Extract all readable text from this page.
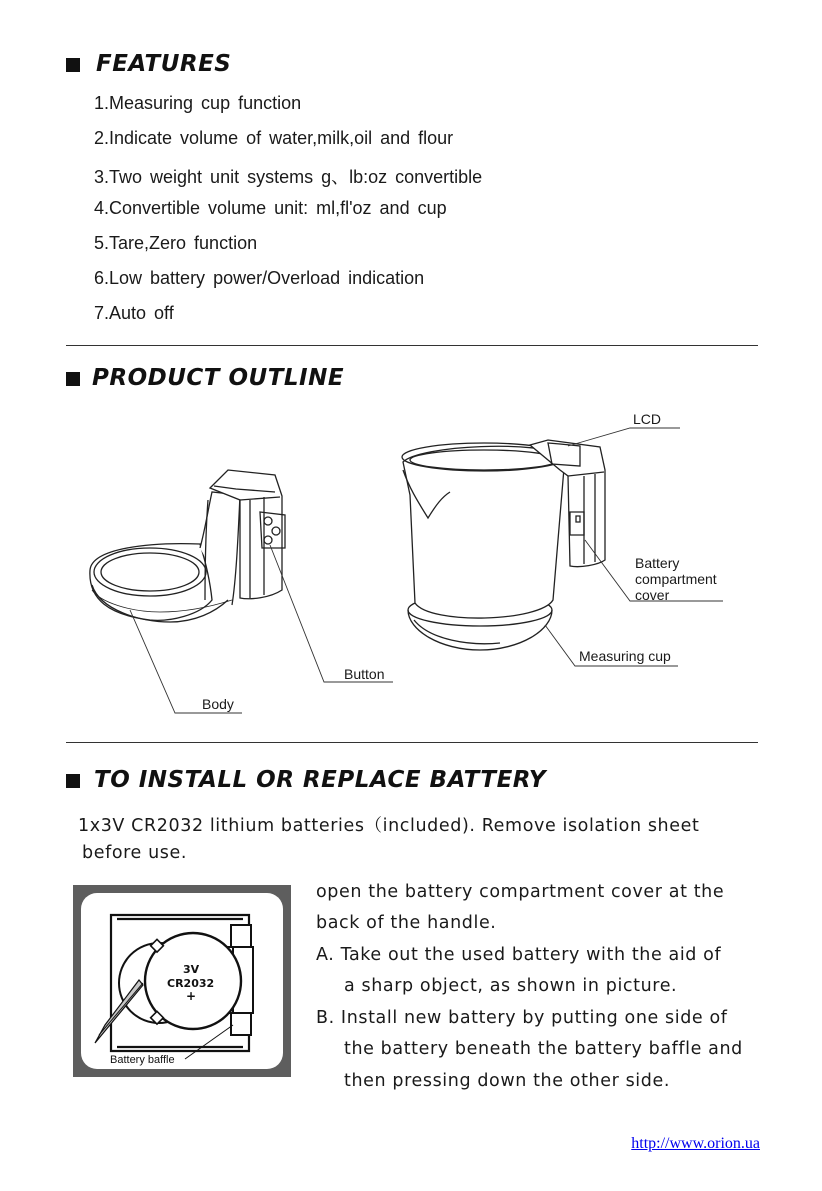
FEATURES
1.Measuring cup function
2.Indicate volume of water,milk,oil and flour
3.Two weight unit systems g、lb:oz convertible
4.Convertible volume unit: ml,fl'oz and cup
5.Tare,Zero function
6.Low battery power/Overload indication
7.Auto off
PRODUCT OUTLINE
LCD
Battery
compartment
cover
Measuring cup
Button
Body
TO INSTALL OR REPLACE BATTERY
1x3V CR2032 lithium batteries（included). Remove isolation sheet
before use.
3V
CR2032
+
Battery baffle
open the battery compartment cover at the
back of the handle.
A. Take out the used battery with the aid of
a sharp object, as shown in picture.
B. Install new battery by putting one side of
the battery beneath the battery baffle and
then pressing down the other side.
http://www.orion.ua
